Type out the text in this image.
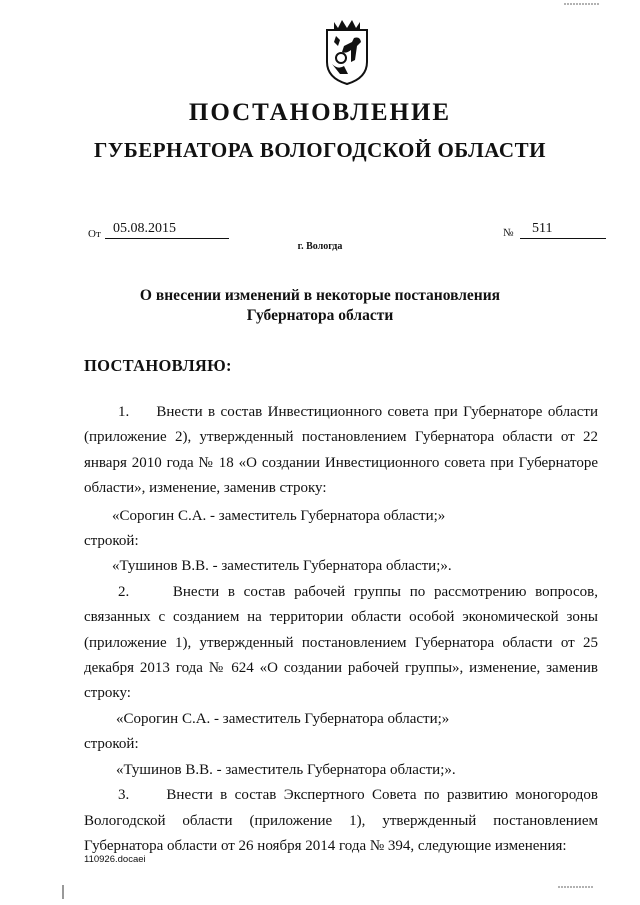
ПОСТАНОВЛЕНИЕ
ГУБЕРНАТОРА ВОЛОГОДСКОЙ ОБЛАСТИ
От 05.08.2015	№	511
г. Вологда
О внесении изменений в некоторые постановления
Губернатора области
ПОСТАНОВЛЯЮ:

1.     Внести в состав Инвестиционного совета при Губернаторе области (приложение 2), утвержденный постановлением Губернатора области от 22 января 2010 года № 18 «О создании Инвестиционного совета при Губернаторе области», изменение, заменив строку:

«Сорогин С.А. - заместитель Губернатора области;»

строкой:

«Тушинов В.В. - заместитель Губернатора области;».

2.     Внести в состав рабочей группы по рассмотрению вопросов, связанных с созданием на территории области особой экономической зоны (приложение 1), утвержденный постановлением Губернатора области от 25 декабря 2013 года № 624 «О создании рабочей группы», изменение, заменив строку:

«Сорогин С.А. - заместитель Губернатора области;»

строкой:

«Тушинов В.В. - заместитель Губернатора области;».

3.     Внести в состав Экспертного Совета по развитию моногородов Вологодской области (приложение 1), утвержденный постановлением Губернатора области от 26 ноября 2014 года № 394, следующие изменения:

110926.docaei
